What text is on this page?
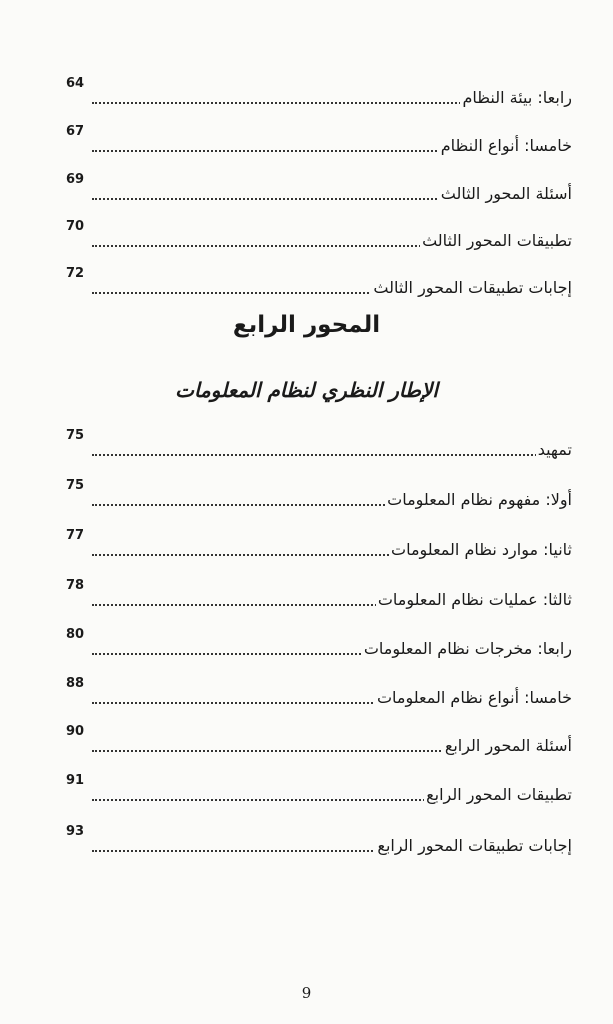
64
رابعا: بيئة النظام
67
خامسا: أنواع النظام
69
أسئلة المحور الثالث
70
تطبيقات المحور الثالث
72
إجابات تطبيقات المحور الثالث
المحور الرابع
الإطار النظري لنظام المعلومات
75
تمهيد
75
أولا: مفهوم نظام المعلومات
77
ثانيا: موارد نظام المعلومات
78
ثالثا: عمليات نظام المعلومات
80
رابعا: مخرجات نظام المعلومات
88
خامسا: أنواع نظام المعلومات
90
أسئلة المحور الرابع
91
تطبيقات المحور الرابع
93
إجابات تطبيقات المحور الرابع
9
